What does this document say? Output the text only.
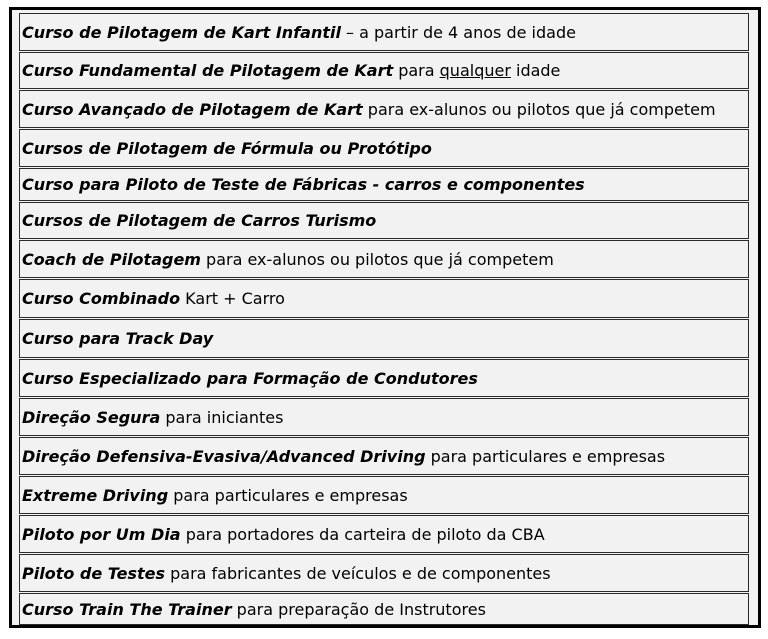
Curso de Pilotagem de Kart Infantil – a partir de 4 anos de idade
Curso Fundamental de Pilotagem de Kart para qualquer idade
Curso Avançado de Pilotagem de Kart para ex-alunos ou pilotos que já competem
Cursos de Pilotagem de Fórmula ou Protótipo
Curso para Piloto de Teste de Fábricas - carros e componentes
Cursos de Pilotagem de Carros Turismo
Coach de Pilotagem para ex-alunos ou pilotos que já competem
Curso Combinado Kart + Carro
Curso para Track Day
Curso Especializado para Formação de Condutores
Direção Segura para iniciantes
Direção Defensiva-Evasiva/Advanced Driving para particulares e empresas
Extreme Driving para particulares e empresas
Piloto por Um Dia para portadores da carteira de piloto da CBA
Piloto de Testes para fabricantes de veículos e de componentes
Curso Train The Trainer para preparação de Instrutores
